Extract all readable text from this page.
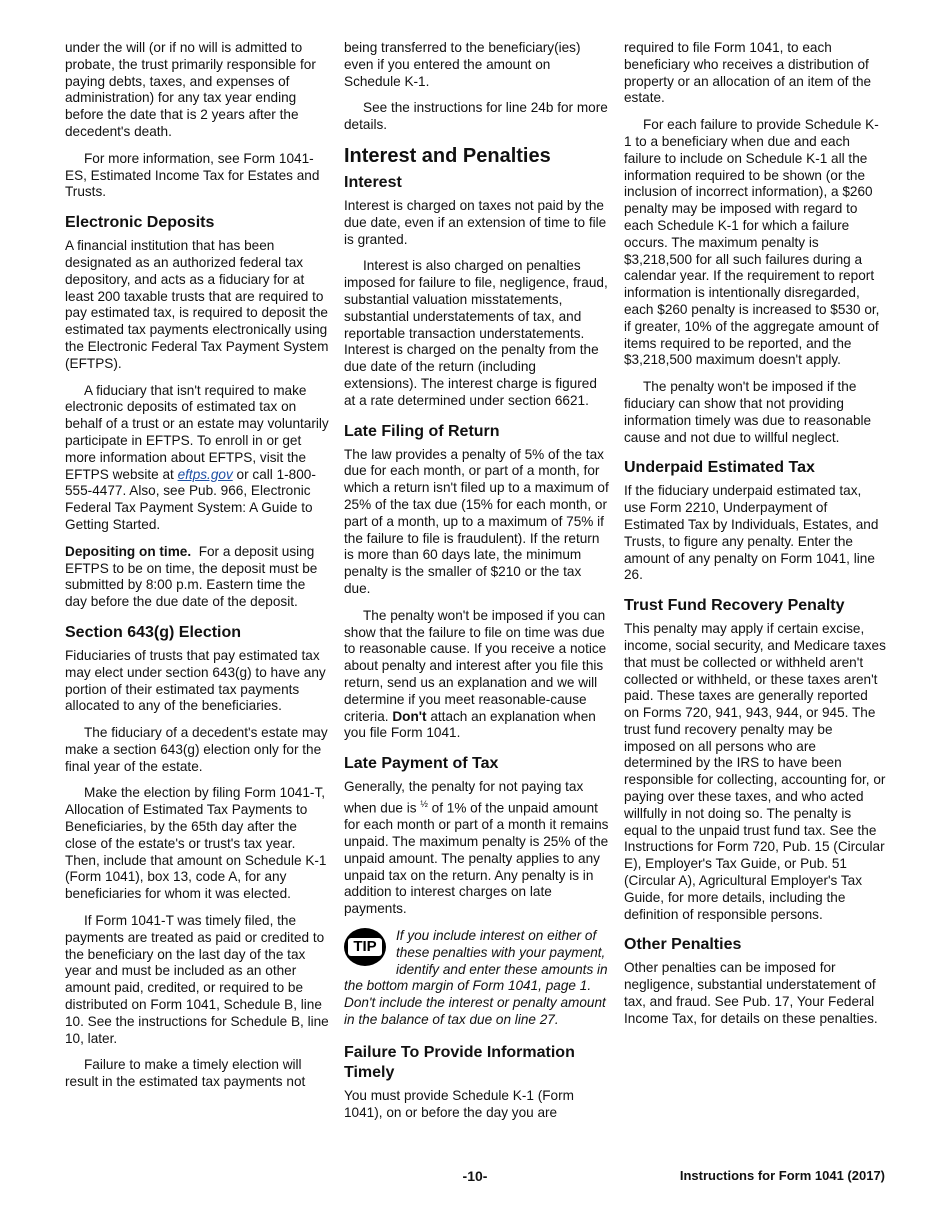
under the will (or if no will is admitted to probate, the trust primarily responsible for paying debts, taxes, and expenses of administration) for any tax year ending before the date that is 2 years after the decedent's death.

For more information, see Form 1041-ES, Estimated Income Tax for Estates and Trusts.

Electronic Deposits

A financial institution that has been designated as an authorized federal tax depository, and acts as a fiduciary for at least 200 taxable trusts that are required to pay estimated tax, is required to deposit the estimated tax payments electronically using the Electronic Federal Tax Payment System (EFTPS).

A fiduciary that isn't required to make electronic deposits of estimated tax on behalf of a trust or an estate may voluntarily participate in EFTPS. To enroll in or get more information about EFTPS, visit the EFTPS website at eftps.gov or call 1-800-555-4477. Also, see Pub. 966, Electronic Federal Tax Payment System: A Guide to Getting Started.

Depositing on time. For a deposit using EFTPS to be on time, the deposit must be submitted by 8:00 p.m. Eastern time the day before the due date of the deposit.

Section 643(g) Election

Fiduciaries of trusts that pay estimated tax may elect under section 643(g) to have any portion of their estimated tax payments allocated to any of the beneficiaries.

The fiduciary of a decedent's estate may make a section 643(g) election only for the final year of the estate.

Make the election by filing Form 1041-T, Allocation of Estimated Tax Payments to Beneficiaries, by the 65th day after the close of the estate's or trust's tax year. Then, include that amount on Schedule K-1 (Form 1041), box 13, code A, for any beneficiaries for whom it was elected.

If Form 1041-T was timely filed, the payments are treated as paid or credited to the beneficiary on the last day of the tax year and must be included as an other amount paid, credited, or required to be distributed on Form 1041, Schedule B, line 10. See the instructions for Schedule B, line 10, later.

Failure to make a timely election will result in the estimated tax payments not

being transferred to the beneficiary(ies) even if you entered the amount on Schedule K-1.

See the instructions for line 24b for more details.

Interest and Penalties
Interest

Interest is charged on taxes not paid by the due date, even if an extension of time to file is granted.

Interest is also charged on penalties imposed for failure to file, negligence, fraud, substantial valuation misstatements, substantial understatements of tax, and reportable transaction understatements. Interest is charged on the penalty from the due date of the return (including extensions). The interest charge is figured at a rate determined under section 6621.

Late Filing of Return

The law provides a penalty of 5% of the tax due for each month, or part of a month, for which a return isn't filed up to a maximum of 25% of the tax due (15% for each month, or part of a month, up to a maximum of 75% if the failure to file is fraudulent). If the return is more than 60 days late, the minimum penalty is the smaller of $210 or the tax due.

The penalty won't be imposed if you can show that the failure to file on time was due to reasonable cause. If you receive a notice about penalty and interest after you file this return, send us an explanation and we will determine if you meet reasonable-cause criteria. Don't attach an explanation when you file Form 1041.

Late Payment of Tax

Generally, the penalty for not paying tax when due is $^{\frac{1}{2}}$ of 1% of the unpaid amount for each month or part of a month it remains unpaid. The maximum penalty is 25% of the unpaid amount. The penalty applies to any unpaid tax on the return. Any penalty is in addition to interest charges on late payments.

TIP
If you include interest on either of these penalties with your payment, identify and enter these amounts in the bottom margin of Form 1041, page 1. Don't include the interest or penalty amount in the balance of tax due on line 27.
Failure To Provide Information Timely

You must provide Schedule K-1 (Form 1041), on or before the day you are

required to file Form 1041, to each beneficiary who receives a distribution of property or an allocation of an item of the estate.

For each failure to provide Schedule K-1 to a beneficiary when due and each failure to include on Schedule K-1 all the information required to be shown (or the inclusion of incorrect information), a $260 penalty may be imposed with regard to each Schedule K-1 for which a failure occurs. The maximum penalty is $3,218,500 for all such failures during a calendar year. If the requirement to report information is intentionally disregarded, each $260 penalty is increased to $530 or, if greater, 10% of the aggregate amount of items required to be reported, and the $3,218,500 maximum doesn't apply.

The penalty won't be imposed if the fiduciary can show that not providing information timely was due to reasonable cause and not due to willful neglect.

Underpaid Estimated Tax

If the fiduciary underpaid estimated tax, use Form 2210, Underpayment of Estimated Tax by Individuals, Estates, and Trusts, to figure any penalty. Enter the amount of any penalty on Form 1041, line 26.

Trust Fund Recovery Penalty

This penalty may apply if certain excise, income, social security, and Medicare taxes that must be collected or withheld aren't collected or withheld, or these taxes aren't paid. These taxes are generally reported on Forms 720, 941, 943, 944, or 945. The trust fund recovery penalty may be imposed on all persons who are determined by the IRS to have been responsible for collecting, accounting for, or paying over these taxes, and who acted willfully in not doing so. The penalty is equal to the unpaid trust fund tax. See the Instructions for Form 720, Pub. 15 (Circular E), Employer's Tax Guide, or Pub. 51 (Circular A), Agricultural Employer's Tax Guide, for more details, including the definition of responsible persons.

Other Penalties

Other penalties can be imposed for negligence, substantial understatement of tax, and fraud. See Pub. 17, Your Federal Income Tax, for details on these penalties.

-10-	Instructions for Form 1041 (2017)
